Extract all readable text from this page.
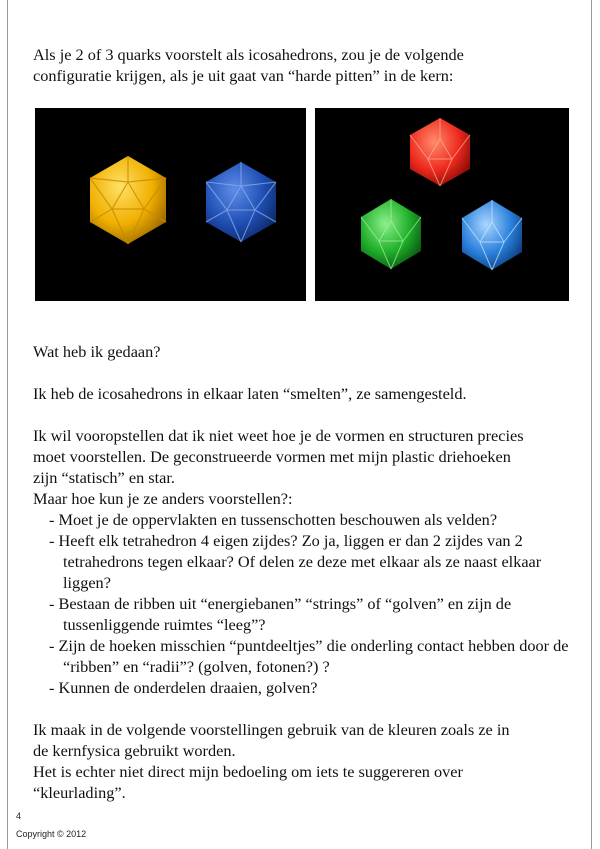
Als je 2 of 3 quarks voorstelt als icosahedrons, zou je de volgende

configuratie krijgen, als je uit gaat van “harde pitten” in de kern:

Wat heb ik gedaan?

Ik heb de icosahedrons in elkaar laten “smelten”, ze samengesteld.

Ik wil vooropstellen dat ik niet weet hoe je de vormen en structuren precies

moet voorstellen. De geconstrueerde vormen met mijn plastic driehoeken

zijn “statisch” en star.

Maar hoe kun je ze anders voorstellen?:

- Moet je de oppervlakten en tussenschotten beschouwen als velden?
- Heeft elk tetrahedron 4 eigen zijdes? Zo ja, liggen er dan 2 zijdes van 2 tetrahedrons tegen elkaar? Of delen ze deze met elkaar als ze naast elkaar liggen?
- Bestaan de ribben uit “energiebanen” “strings” of “golven” en zijn de tussenliggende ruimtes “leeg”?
- Zijn de hoeken misschien “puntdeeltjes” die onderling contact hebben door de “ribben” en “radii”? (golven, fotonen?) ?
- Kunnen de onderdelen draaien, golven?

Ik maak in de volgende voorstellingen gebruik van de kleuren zoals ze in

de kernfysica gebruikt worden.

Het is echter niet direct mijn bedoeling om iets te suggereren over

“kleurlading”.

4
Copyright © 2012
